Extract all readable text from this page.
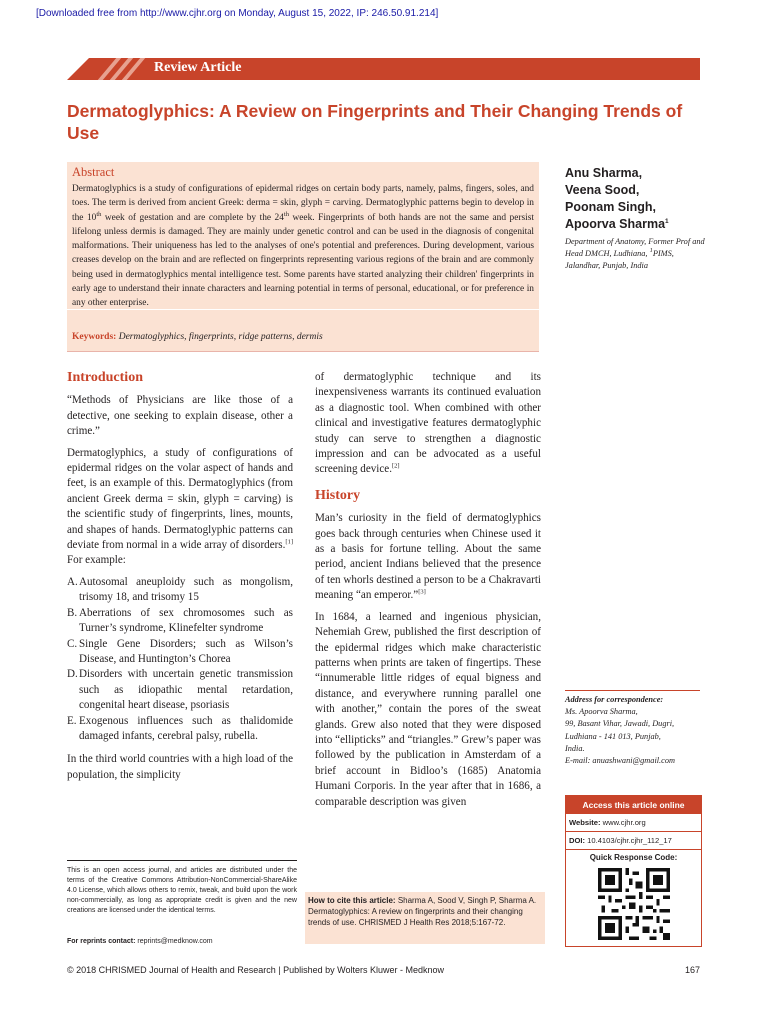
[Downloaded free from http://www.cjhr.org on Monday, August 15, 2022, IP: 246.50.91.214]
Review Article
Dermatoglyphics: A Review on Fingerprints and Their Changing Trends of Use
Abstract
Dermatoglyphics is a study of configurations of epidermal ridges on certain body parts, namely, palms, fingers, soles, and toes. The term is derived from ancient Greek: derma = skin, glyph = carving. Dermatoglyphic patterns begin to develop in the 10th week of gestation and are complete by the 24th week. Fingerprints of both hands are not the same and persist lifelong unless dermis is damaged. They are mainly under genetic control and can be used in the diagnosis of congenital malformations. Their uniqueness has led to the analyses of one's potential and preferences. During development, various creases develop on the brain and are reflected on fingerprints representing various regions of the brain and are commonly being used in dermatoglyphics mental intelligence test. Some parents have started analyzing their children' fingerprints in early age to understand their innate characters and learning potential in terms of personal, educational, or for preference in any other enterprise.
Keywords: Dermatoglyphics, fingerprints, ridge patterns, dermis
Anu Sharma,
Veena Sood,
Poonam Singh,
Apoorva Sharma$^1$
Department of Anatomy, Former Prof and Head DMCH, Ludhiana, $^1$PIMS, Jalandhar, Punjab, India
Introduction

“Methods of Physicians are like those of a detective, one seeking to explain disease, other a crime.”

Dermatoglyphics, a study of configurations of epidermal ridges on the volar aspect of hands and feet, is an example of this. Dermatoglyphics (from ancient Greek derma = skin, glyph = carving) is the scientific study of fingerprints, lines, mounts, and shapes of hands. Dermatoglyphic patterns can deviate from normal in a wide array of disorders.[1] For example:

A. Autosomal aneuploidy such as mongolism, trisomy 18, and trisomy 15
B. Aberrations of sex chromosomes such as Turner’s syndrome, Klinefelter syndrome
C. Single Gene Disorders; such as Wilson’s Disease, and Huntington’s Chorea
D. Disorders with uncertain genetic transmission such as idiopathic mental retardation, congenital heart disease, psoriasis
E. Exogenous influences such as thalidomide damaged infants, cerebral palsy, rubella.

In the third world countries with a high load of the population, the simplicity

of dermatoglyphic technique and its inexpensiveness warrants its continued evaluation as a diagnostic tool. When combined with other clinical and investigative features dermatoglyphic study can serve to strengthen a diagnostic impression and can be advocated as a useful screening device.[2]

History

Man’s curiosity in the field of dermatoglyphics goes back through centuries when Chinese used it as a basis for fortune telling. About the same period, ancient Indians believed that the presence of ten whorls destined a person to be a Chakravarti meaning “an emperor.”[3]

In 1684, a learned and ingenious physician, Nehemiah Grew, published the first description of the epidermal ridges which make characteristic patterns when prints are taken of fingertips. These “innumerable little ridges of equal bigness and distance, and everywhere running parallel one with another,” contain the pores of the sweat glands. Grew also noted that they were disposed into “ellipticks” and “triangles.” Grew’s paper was followed by the publication in Amsterdam of a brief account in Bidloo’s (1685) Anatomia Humani Corporis. In the year after that in 1686, a comparable description was given

This is an open access journal, and articles are distributed under the terms of the Creative Commons Attribution-NonCommercial-ShareAlike 4.0 License, which allows others to remix, tweak, and build upon the work non-commercially, as long as appropriate credit is given and the new creations are licensed under the identical terms.
For reprints contact: reprints@medknow.com
Address for correspondence:
Ms. Apoorva Sharma,
99, Basant Vihar, Jawadi, Dugri,
Ludhiana - 141 013, Punjab,
India.
E-mail: anuashwani@gmail.com
Access this article online
Website: www.cjhr.org
DOI: 10.4103/cjhr.cjhr_112_17
Quick Response Code:
How to cite this article: Sharma A, Sood V, Singh P, Sharma A. Dermatoglyphics: A review on fingerprints and their changing trends of use. CHRISMED J Health Res 2018;5:167-72.
© 2018 CHRISMED Journal of Health and Research | Published by Wolters Kluwer - Medknow	167
